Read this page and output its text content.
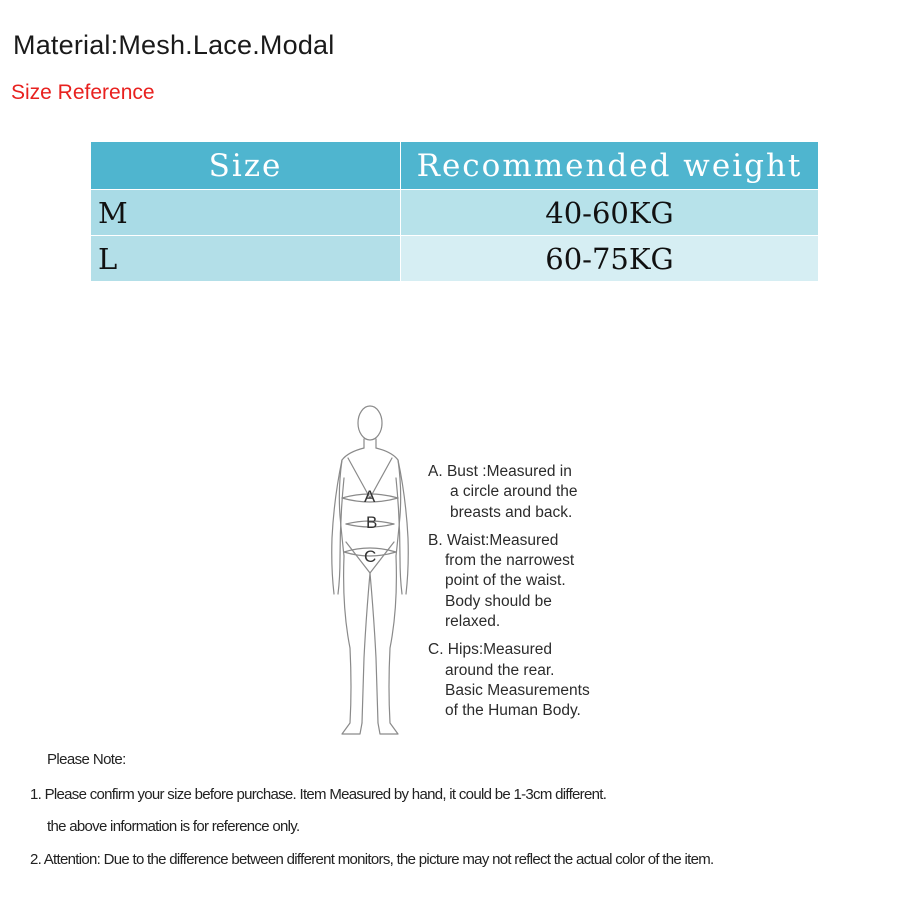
Material:Mesh.Lace.Modal
Size Reference
Size	Recommended weight
M	40-60KG
L	60-75KG
A
B
C
A. Bust :Measured in
a circle around the
breasts and back.
B. Waist:Measured
from the narrowest
point of the waist.
Body should be
relaxed.
C. Hips:Measured
around the rear.
Basic Measurements
of the Human Body.
Please Note:
1. Please confirm your size before purchase. Item Measured by hand, it could be 1-3cm different.
the above information is for reference only.
2. Attention: Due to the difference between different monitors, the picture may not reflect the actual color of the item.
